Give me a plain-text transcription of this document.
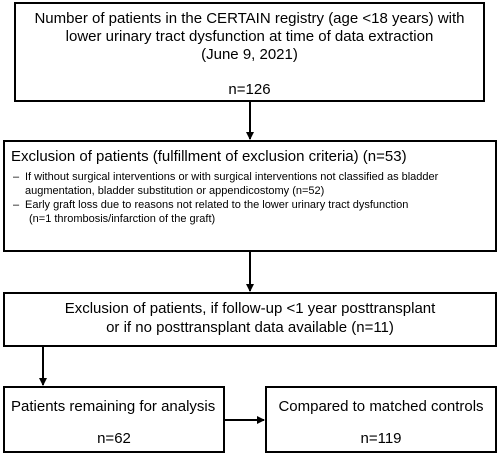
Number of patients in the CERTAIN registry (age <18 years) with

lower urinary tract dysfunction at time of data extraction

(June 9, 2021)

n=126

Exclusion of patients (fulfillment of exclusion criteria) (n=53)

– If without surgical interventions or with surgical interventions not classified as bladder
augmentation, bladder substitution or appendicostomy (n=52)
– Early graft loss due to reasons not related to the lower urinary tract dysfunction
(n=1 thrombosis/infarction of the graft)

Exclusion of patients, if follow-up <1 year posttransplant

or if no posttransplant data available (n=11)

Patients remaining for analysis

n=62

Compared to matched controls

n=119
